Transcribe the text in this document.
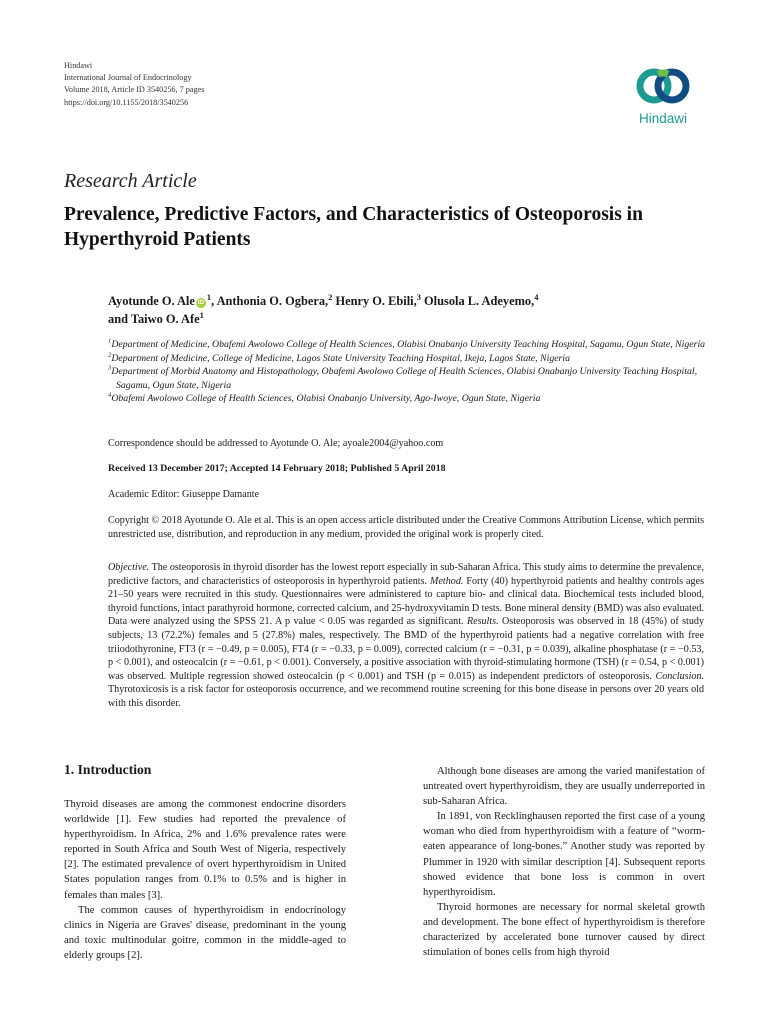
Hindawi
International Journal of Endocrinology
Volume 2018, Article ID 3540256, 7 pages
https://doi.org/10.1155/2018/3540256
Hindawi
Research Article
Prevalence, Predictive Factors, and Characteristics of Osteoporosis in Hyperthyroid Patients
Ayotunde O. Ale $iD^1$, Anthonia O. Ogbera,$^2$ Henry O. Ebili,$^3$ Olusola L. Adeyemo,$^4$
and Taiwo O. Afe$^1$
$^1$Department of Medicine, Obafemi Awolowo College of Health Sciences, Olabisi Onabanjo University Teaching Hospital, Sagamu, Ogun State, Nigeria
$^2$Department of Medicine, College of Medicine, Lagos State University Teaching Hospital, Ikeja, Lagos State, Nigeria
$^3$Department of Morbid Anatomy and Histopathology, Obafemi Awolowo College of Health Sciences, Olabisi Onabanjo University Teaching Hospital, Sagamu, Ogun State, Nigeria
$^4$Obafemi Awolowo College of Health Sciences, Olabisi Onabanjo University, Ago-Iwoye, Ogun State, Nigeria
Correspondence should be addressed to Ayotunde O. Ale; ayoale2004@yahoo.com
Received 13 December 2017; Accepted 14 February 2018; Published 5 April 2018
Academic Editor: Giuseppe Damante
Copyright © 2018 Ayotunde O. Ale et al. This is an open access article distributed under the Creative Commons Attribution License, which permits unrestricted use, distribution, and reproduction in any medium, provided the original work is properly cited.
Objective. The osteoporosis in thyroid disorder has the lowest report especially in sub-Saharan Africa. This study aims to determine the prevalence, predictive factors, and characteristics of osteoporosis in hyperthyroid patients. Method. Forty (40) hyperthyroid patients and healthy controls ages 21–50 years were recruited in this study. Questionnaires were administered to capture bio- and clinical data. Biochemical tests included blood, thyroid functions, intact parathyroid hormone, corrected calcium, and 25-hydroxyvitamin D tests. Bone mineral density (BMD) was also evaluated. Data were analyzed using the SPSS 21. A p value < 0.05 was regarded as significant. Results. Osteoporosis was observed in 18 (45%) of study subjects, 13 (72.2%) females and 5 (27.8%) males, respectively. The BMD of the hyperthyroid patients had a negative correlation with free triiodothyronine, FT3 (r = −0.49, p = 0.005), FT4 (r = −0.33, p = 0.009), corrected calcium (r = −0.31, p = 0.039), alkaline phosphatase (r = −0.53, p < 0.001), and osteocalcin (r = −0.61, p < 0.001). Conversely, a positive association with thyroid-stimulating hormone (TSH) (r = 0.54, p < 0.001) was observed. Multiple regression showed osteocalcin (p < 0.001) and TSH (p = 0.015) as independent predictors of osteoporosis. Conclusion. Thyrotoxicosis is a risk factor for osteoporosis occurrence, and we recommend routine screening for this bone disease in persons over 20 years old with this disorder.
1. Introduction

Thyroid diseases are among the commonest endocrine disorders worldwide [1]. Few studies had reported the prevalence of hyperthyroidism. In Africa, 2% and 1.6% prevalence rates were reported in South Africa and South West of Nigeria, respectively [2]. The estimated prevalence of overt hyperthyroidism in United States population ranges from 0.1% to 0.5% and is higher in females than males [3].

The common causes of hyperthyroidism in endocrinology clinics in Nigeria are Graves' disease, predominant in the young and toxic multinodular goitre, common in the middle-aged to elderly groups [2].

Although bone diseases are among the varied manifestation of untreated overt hyperthyroidism, they are usually underreported in sub-Saharan Africa.

In 1891, von Recklinghausen reported the first case of a young woman who died from hyperthyroidism with a feature of “worm-eaten appearance of long-bones.” Another study was reported by Plummer in 1920 with similar description [4]. Subsequent reports showed evidence that bone loss is common in overt hyperthyroidism.

Thyroid hormones are necessary for normal skeletal growth and development. The bone effect of hyperthyroidism is therefore characterized by accelerated bone turnover caused by direct stimulation of bones cells from high thyroid
